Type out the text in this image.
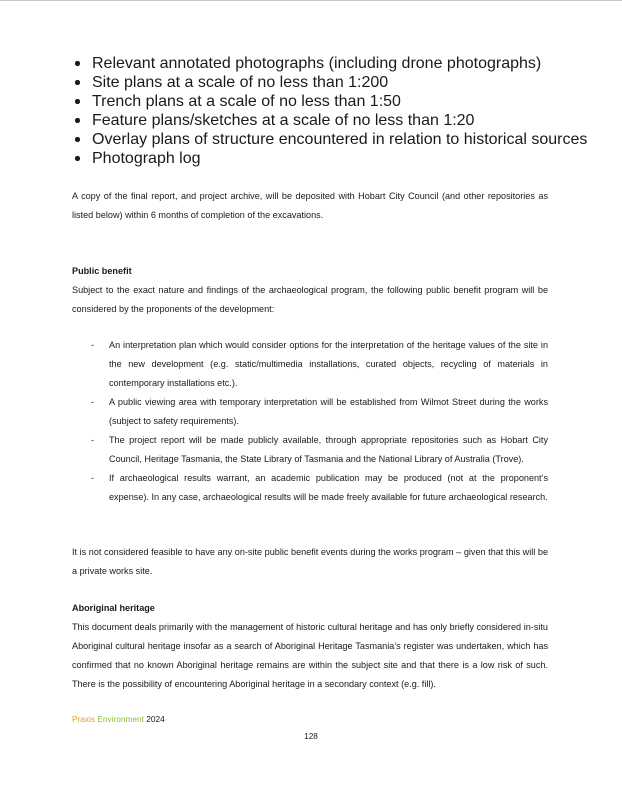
Relevant annotated photographs (including drone photographs)
Site plans at a scale of no less than 1:200
Trench plans at a scale of no less than 1:50
Feature plans/sketches at a scale of no less than 1:20
Overlay plans of structure encountered in relation to historical sources
Photograph log

A copy of the final report, and project archive, will be deposited with Hobart City Council (and other repositories as listed below) within 6 months of completion of the excavations.

Public benefit

Subject to the exact nature and findings of the archaeological program, the following public benefit program will be considered by the proponents of the development:

- An interpretation plan which would consider options for the interpretation of the heritage values of the site in the new development (e.g. static/multimedia installations, curated objects, recycling of materials in contemporary installations etc.).
- A public viewing area with temporary interpretation will be established from Wilmot Street during the works (subject to safety requirements).
- The project report will be made publicly available, through appropriate repositories such as Hobart City Council, Heritage Tasmania, the State Library of Tasmania and the National Library of Australia (Trove).
- If archaeological results warrant, an academic publication may be produced (not at the proponent’s expense). In any case, archaeological results will be made freely available for future archaeological research.

It is not considered feasible to have any on-site public benefit events during the works program – given that this will be a private works site.

Aboriginal heritage

This document deals primarily with the management of historic cultural heritage and has only briefly considered in-situ Aboriginal cultural heritage insofar as a search of Aboriginal Heritage Tasmania’s register was undertaken, which has confirmed that no known Aboriginal heritage remains are within the subject site and that there is a low risk of such. There is the possibility of encountering Aboriginal heritage in a secondary context (e.g. fill).

Praxis Environment 2024
128
